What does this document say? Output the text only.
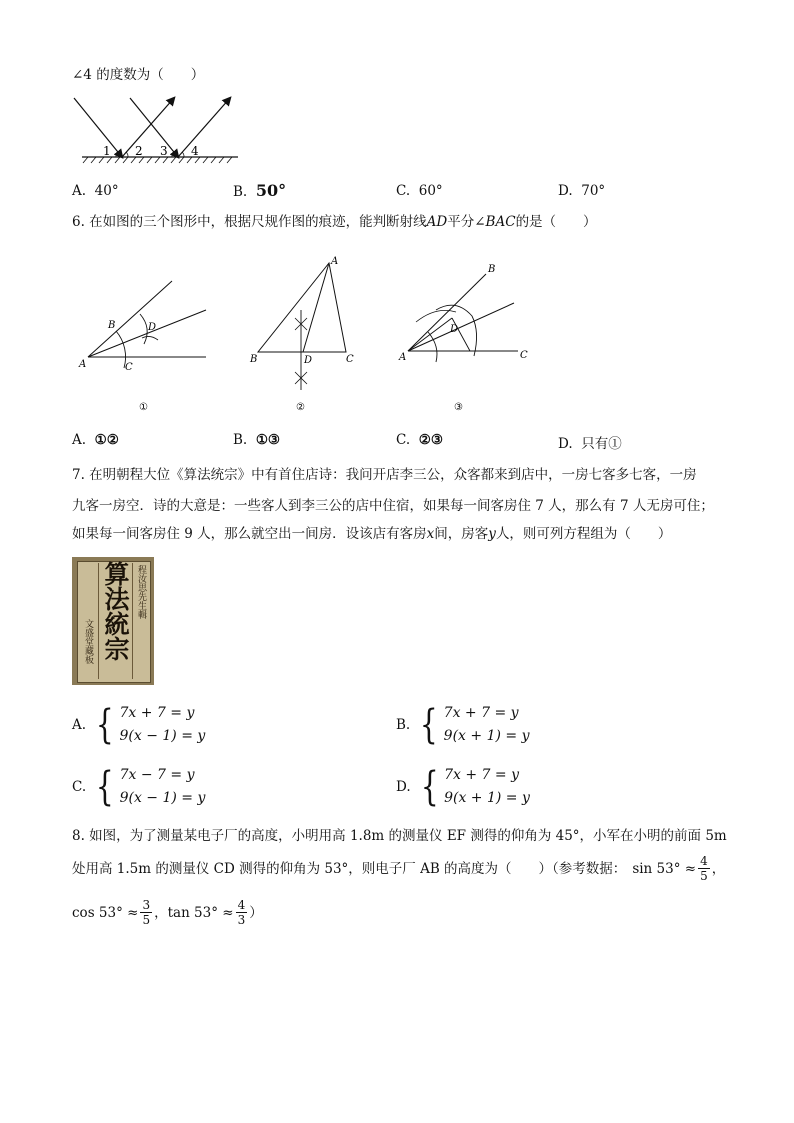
∠4 的度数为（　　）
1 2 3 4
A. 40°	B. 50°	C. 60°	D. 70°
6. 在如图的三个图形中，根据尺规作图的痕迹，能判断射线AD平分∠BAC的是（　　）
A
B
C
D
①
A
B	C
D
②
A
B
C
D
③
A. ①②	B. ①③	C. ②③	D. 只有①
7. 在明朝程大位《算法统宗》中有首住店诗：我问开店李三公，众客都来到店中，一房七客多七客，一房
九客一房空．诗的大意是：一些客人到李三公的店中住宿，如果每一间客房住 7 人，那么有 7 人无房可住；
如果每一间客房住 9 人，那么就空出一间房．设该店有客房x间，房客y人，则可列方程组为（　　）
算法統宗 程汝思先生輯
文盛堂藏板
A. { 7x + 7 = y
9(x − 1) = y
B. { 7x + 7 = y
9(x + 1) = y
C. { 7x − 7 = y
9(x − 1) = y
D. { 7x + 7 = y
9(x + 1) = y
8. 如图，为了测量某电子厂的高度，小明用高 1.8m 的测量仪 EF 测得的仰角为 45°，小军在小明的前面 5m
处用高 1.5m 的测量仪 CD 测得的仰角为 53°，则电子厂 AB 的高度为（　　）（参考数据： $\sin 53^\circ \approx \frac{4}{5}$ ，
$\cos 53^\circ \approx \frac{3}{5}$ ， $\tan 53^\circ \approx \frac{4}{3}$ ）
